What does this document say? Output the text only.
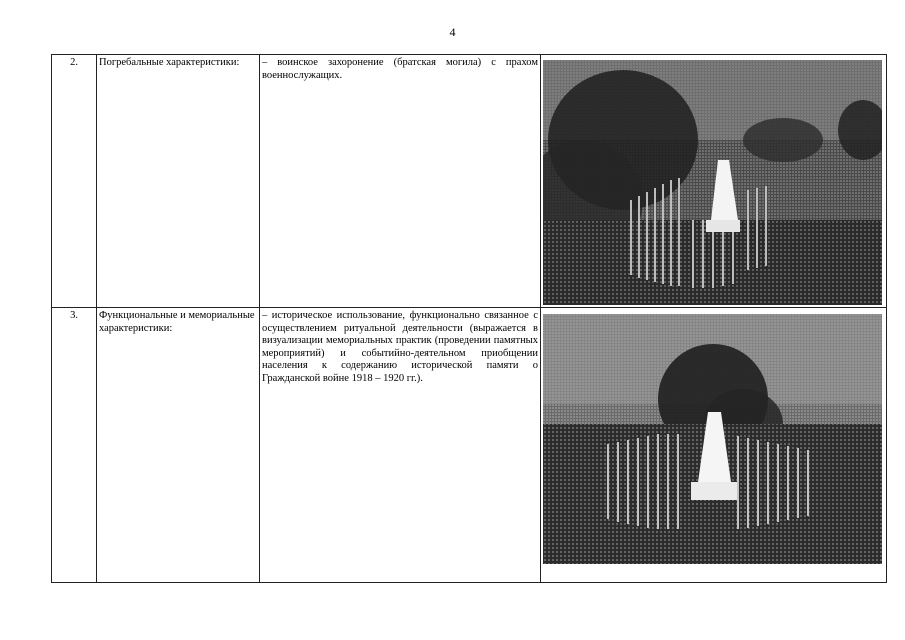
4
2.	Погребальные характеристики:	– воинское захоронение (братская могила) с прахом военнослужащих.	

3.	Функциональные и мемориальные характеристики:	– историческое использование, функционально связанное с осуществлением ритуальной деятельности (выражается в визуализации мемориальных практик (проведении памятных мероприятий) и событийно-деятельном приобщении населения к содержанию исторической памяти о Гражданской войне 1918 – 1920 гг.).	
